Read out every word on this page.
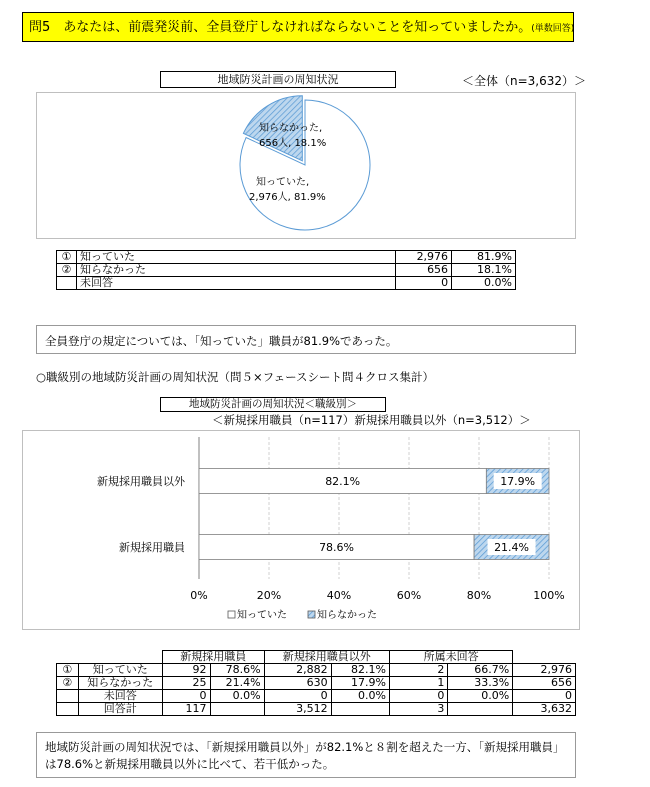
問5　あなたは、前震発災前、全員登庁しなければならないことを知っていましたか。(単数回答)
地域防災計画の周知状況	＜全体（n=3,632）＞
知らなかった,
656人, 18.1%
知っていた,
2,976人, 81.9%
①	知っていた	2,976	81.9%
②	知らなかった	656	18.1%
	未回答	0	0.0%
全員登庁の規定については、「知っていた」職員が81.9%であった。
○職級別の地域防災計画の周知状況（問５×フェースシート問４クロス集計）
地域防災計画の周知状況＜職級別＞
＜新規採用職員（n=117）新規採用職員以外（n=3,512）＞
82.1%	17.9%
78.6%	21.4%
0%	20%	40%	60%	80%	100%
新規採用職員以外
新規採用職員
知っていた	知らなかった
		新規採用職員		新規採用職員以外		所属未回答		
①	知っていた	92	78.6%	2,882	82.1%	2	66.7%	2,976
②	知らなかった	25	21.4%	630	17.9%	1	33.3%	656
	未回答	0	0.0%	0	0.0%	0	0.0%	0
	回答計	117		3,512		3		3,632
地域防災計画の周知状況では、「新規採用職員以外」が82.1%と８割を超えた一方、「新規採用職員」は78.6%と新規採用職員以外に比べて、若干低かった。
